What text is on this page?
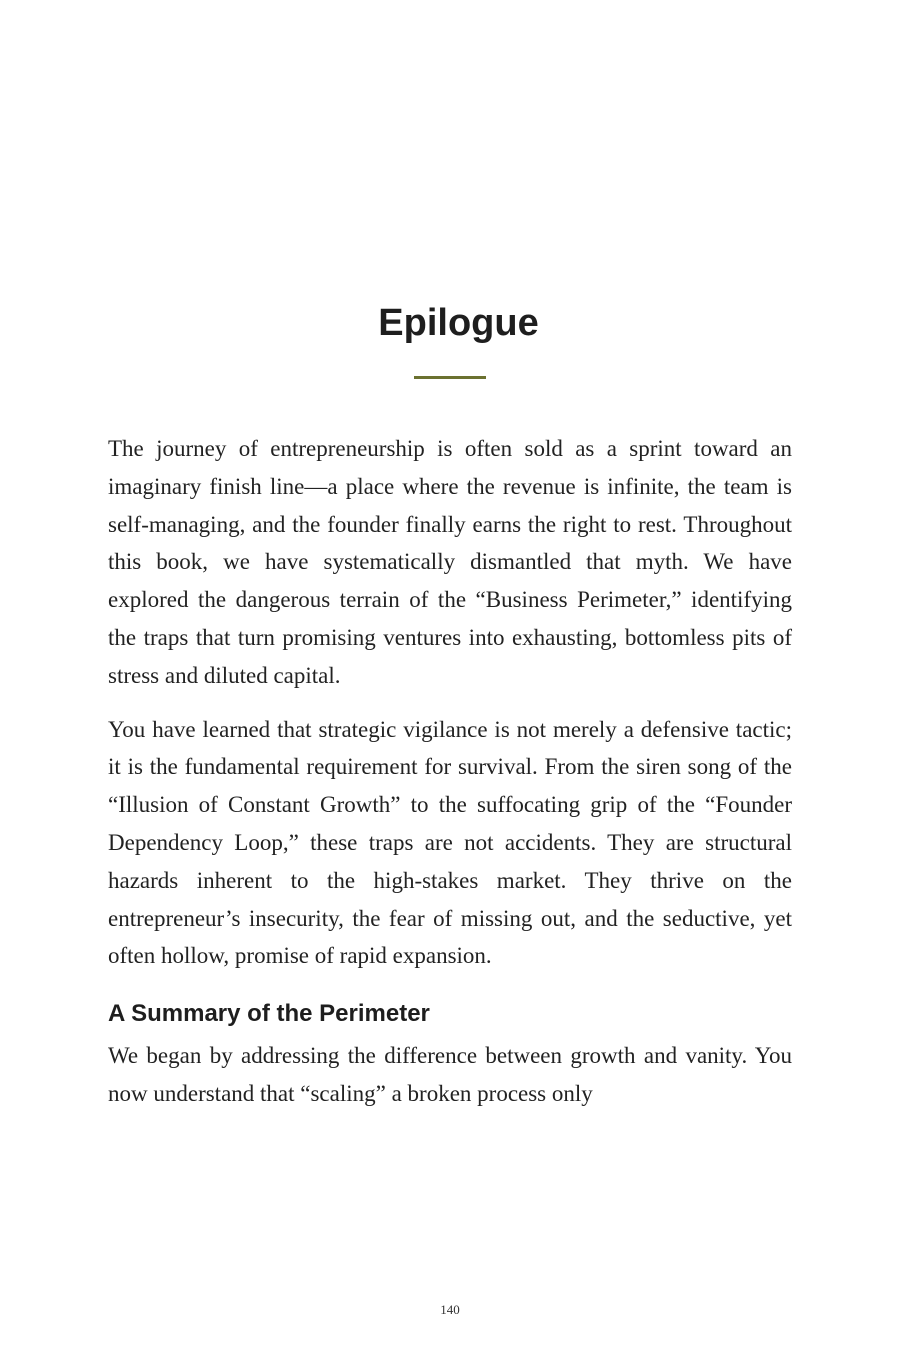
Epilogue

The journey of entrepreneurship is often sold as a sprint toward an imaginary finish line—a place where the revenue is infinite, the team is self-managing, and the founder finally earns the right to rest. Throughout this book, we have systematically dismantled that myth. We have explored the dangerous terrain of the “Business Perimeter,” identifying the traps that turn promising ventures into exhausting, bottomless pits of stress and diluted capital.

You have learned that strategic vigilance is not merely a defensive tactic; it is the fundamental requirement for survival. From the siren song of the “Illusion of Constant Growth” to the suffocating grip of the “Founder Dependency Loop,” these traps are not accidents. They are structural hazards inherent to the high-stakes market. They thrive on the entrepreneur’s insecurity, the fear of missing out, and the seductive, yet often hollow, promise of rapid expansion.

A Summary of the Perimeter

We began by addressing the difference between growth and vanity. You now understand that “scaling” a broken process only

140
